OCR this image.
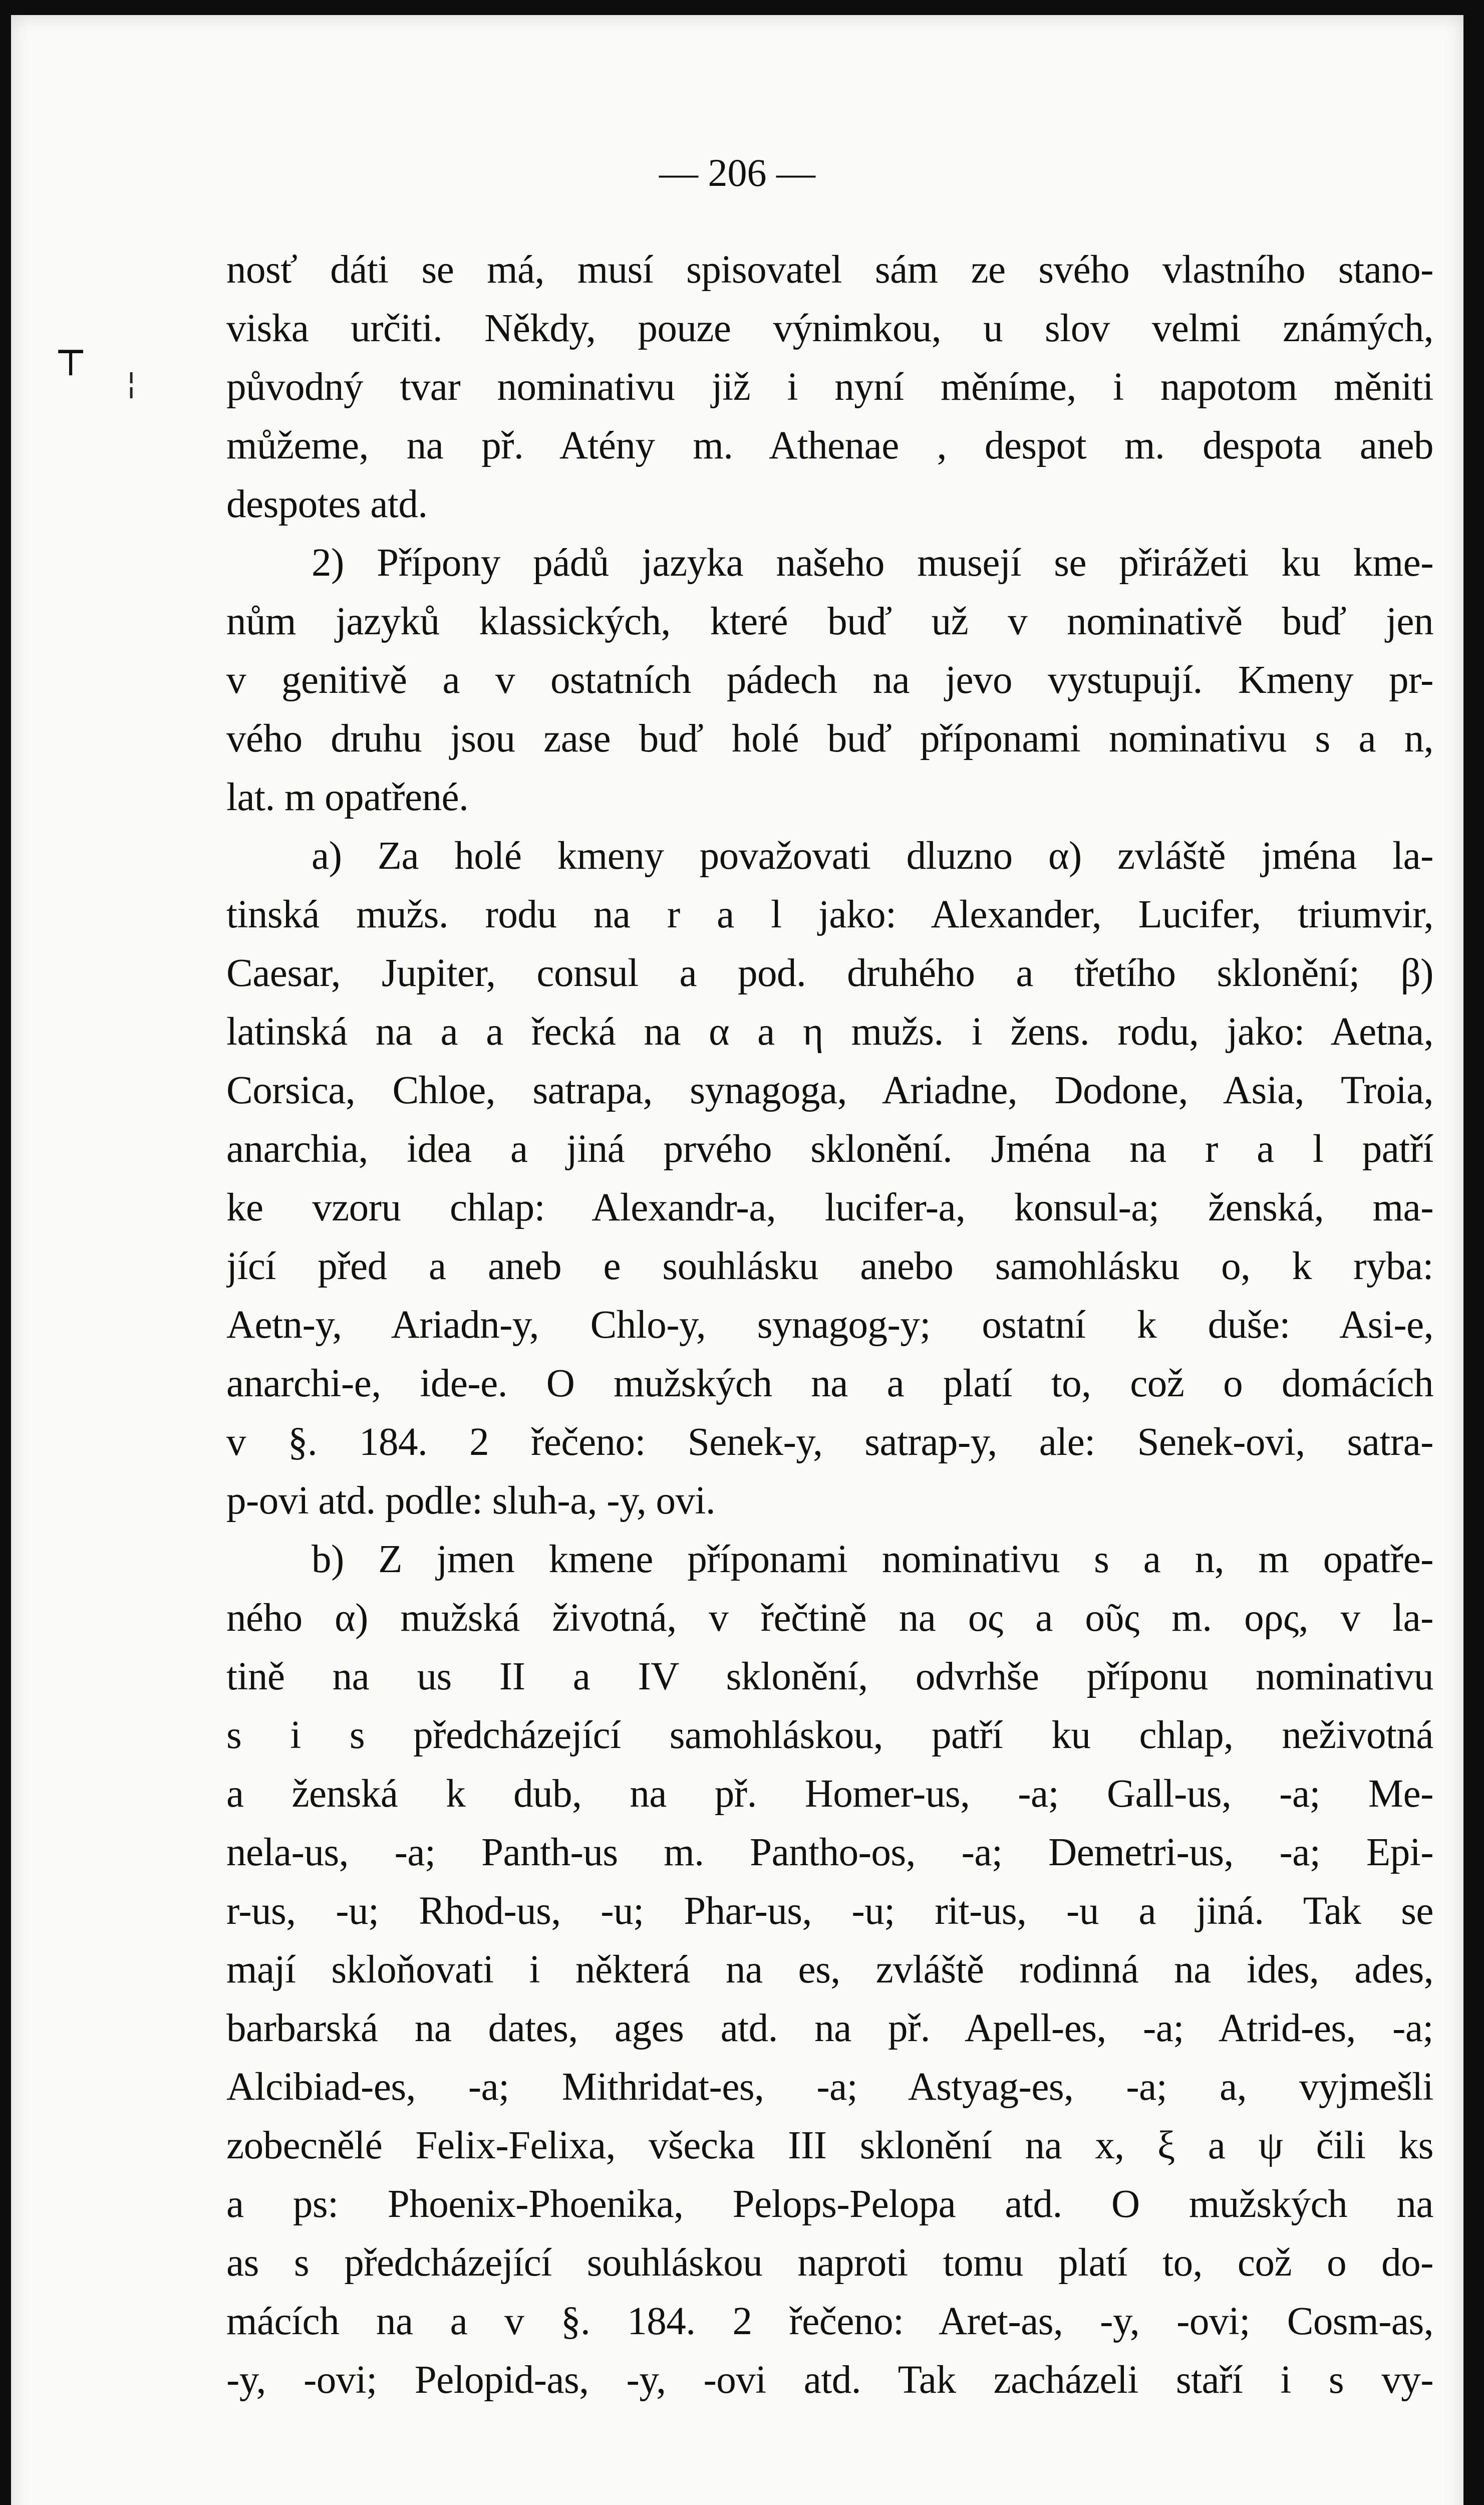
┬
¦
— 206 —
nosť dáti se má, musí spisovatel sám ze svého vlastního stano-
viska určiti. Někdy, pouze výnimkou, u slov velmi známých,
původný tvar nominativu již i nyní měníme, i napotom měniti
můžeme, na př. Atény m. Athenae , despot m. despota aneb
despotes atd.
2) Přípony pádů jazyka našeho musejí se přirážeti ku kme-
nům jazyků klassických, které buď už v nominativě buď jen
v genitivě a v ostatních pádech na jevo vystupují. Kmeny pr-
vého druhu jsou zase buď holé buď příponami nominativu s a n,
lat. m opatřené.
a) Za holé kmeny považovati dluzno α) zvláště jména la-
tinská mužs. rodu na r a l jako: Alexander, Lucifer, triumvir,
Caesar, Jupiter, consul a pod. druhého a třetího sklonění; β)
latinská na a a řecká na α a η mužs. i žens. rodu, jako: Aetna,
Corsica, Chloe, satrapa, synagoga, Ariadne, Dodone, Asia, Troia,
anarchia, idea a jiná prvého sklonění. Jména na r a l patří
ke vzoru chlap: Alexandr-a, lucifer-a, konsul-a; ženská, ma-
jící před a aneb e souhlásku anebo samohlásku o, k ryba:
Aetn-y, Ariadn-y, Chlo-y, synagog-y; ostatní k duše: Asi-e,
anarchi-e, ide-e. O mužských na a platí to, což o domácích
v §. 184. 2 řečeno: Senek-y, satrap-y, ale: Senek-ovi, satra-
p-ovi atd. podle: sluh-a, -y, ovi.
b) Z jmen kmene příponami nominativu s a n, m opatře-
ného α) mužská životná, v řečtině na ος a οῦς m. ορς, v la-
tině na us II a IV sklonění, odvrhše příponu nominativu
s i s předcházející samohláskou, patří ku chlap, neživotná
a ženská k dub, na př. Homer-us, -a; Gall-us, -a; Me-
nela-us, -a; Panth-us m. Pantho-os, -a; Demetri-us, -a; Epi-
r-us, -u; Rhod-us, -u; Phar-us, -u; rit-us, -u a jiná. Tak se
mají skloňovati i některá na es, zvláště rodinná na ides, ades,
barbarská na dates, ages atd. na př. Apell-es, -a; Atrid-es, -a;
Alcibiad-es, -a; Mithridat-es, -a; Astyag-es, -a; a, vyjmešli
zobecnělé Felix-Felixa, všecka III sklonění na x, ξ a ψ čili ks
a ps: Phoenix-Phoenika, Pelops-Pelopa atd. O mužských na
as s předcházející souhláskou naproti tomu platí to, což o do-
mácích na a v §. 184. 2 řečeno: Aret-as, -y, -ovi; Cosm-as,
-y, -ovi; Pelopid-as, -y, -ovi atd. Tak zacházeli staří i s vy-
